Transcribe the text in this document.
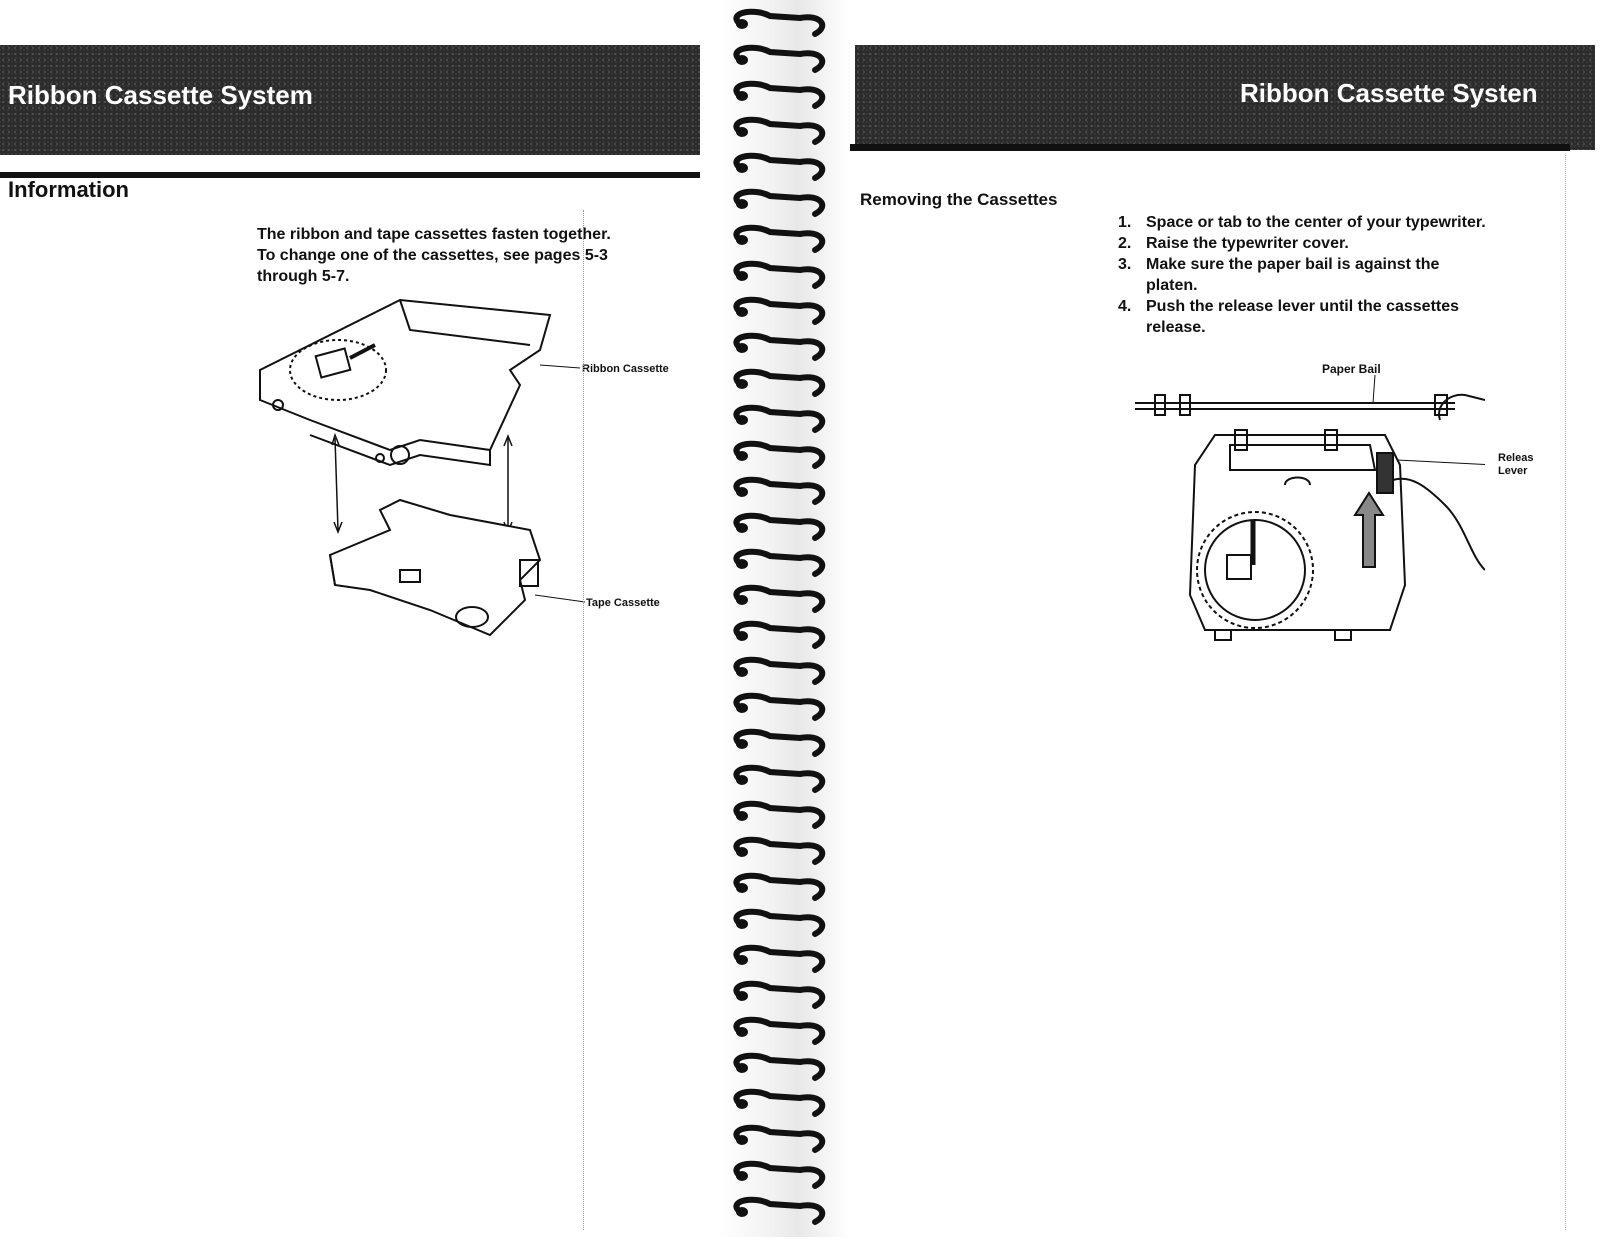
Ribbon Cassette System
Information
The ribbon and tape cassettes fasten together.
To change one of the cassettes, see pages 5-3
through 5-7.
Ribbon Cassette
Tape Cassette
Ribbon Cassette Systen
Removing the Cassettes
1. Space or tab to the center of your typewriter.
2. Raise the typewriter cover.
3. Make sure the paper bail is against the
platen.
4. Push the release lever until the cassettes
release.
Paper Bail
Releas
Lever
